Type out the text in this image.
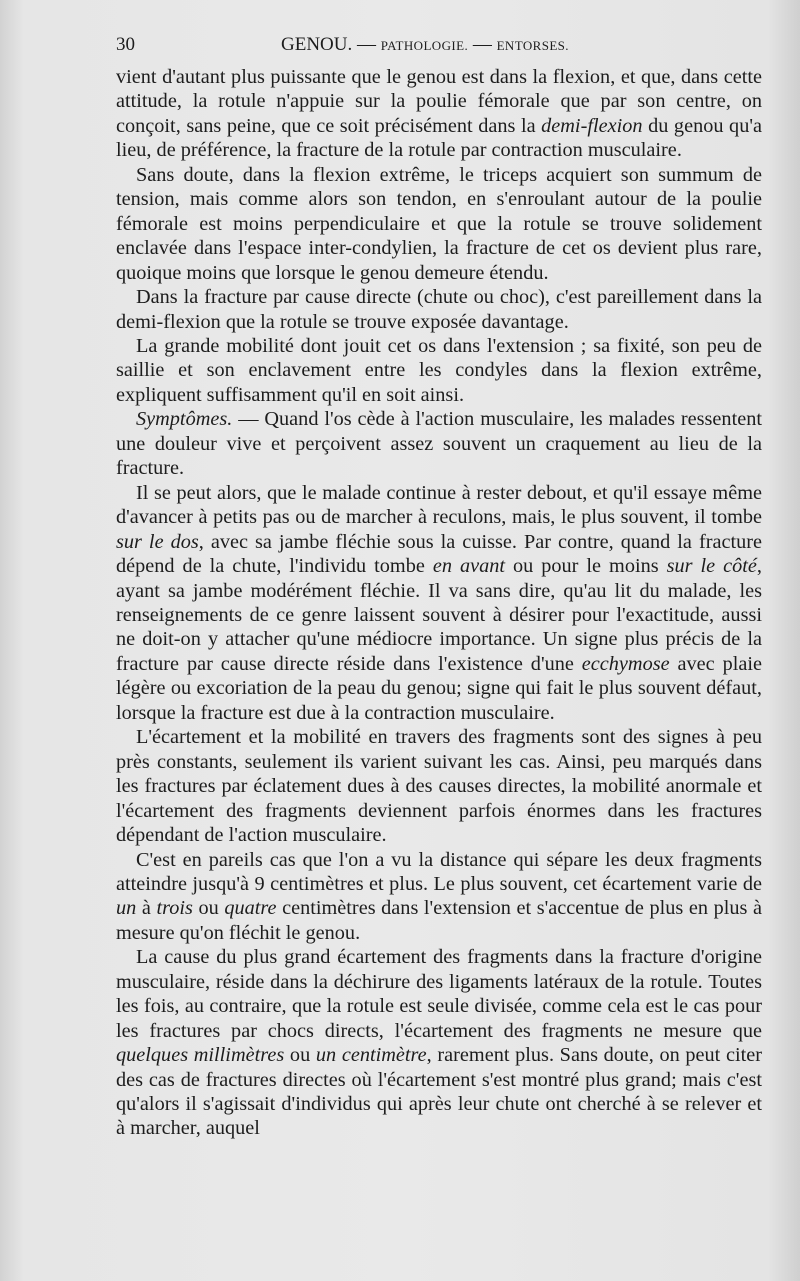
30	GENOU. — PATHOLOGIE. — ENTORSES.

vient d'autant plus puissante que le genou est dans la flexion, et que, dans cette attitude, la rotule n'appuie sur la poulie fémorale que par son centre, on conçoit, sans peine, que ce soit précisément dans la demi-flexion du genou qu'a lieu, de préférence, la fracture de la rotule par contraction musculaire.

Sans doute, dans la flexion extrême, le triceps acquiert son summum de tension, mais comme alors son tendon, en s'enroulant autour de la poulie fémorale est moins perpendiculaire et que la rotule se trouve solidement enclavée dans l'espace inter-condylien, la fracture de cet os devient plus rare, quoique moins que lorsque le genou demeure étendu.

Dans la fracture par cause directe (chute ou choc), c'est pareillement dans la demi-flexion que la rotule se trouve exposée davantage.

La grande mobilité dont jouit cet os dans l'extension ; sa fixité, son peu de saillie et son enclavement entre les condyles dans la flexion extrême, expliquent suffisamment qu'il en soit ainsi.

Symptômes. — Quand l'os cède à l'action musculaire, les malades ressentent une douleur vive et perçoivent assez souvent un craquement au lieu de la fracture.

Il se peut alors, que le malade continue à rester debout, et qu'il essaye même d'avancer à petits pas ou de marcher à reculons, mais, le plus souvent, il tombe sur le dos, avec sa jambe fléchie sous la cuisse. Par contre, quand la fracture dépend de la chute, l'individu tombe en avant ou pour le moins sur le côté, ayant sa jambe modérément fléchie. Il va sans dire, qu'au lit du malade, les renseignements de ce genre laissent souvent à désirer pour l'exactitude, aussi ne doit-on y attacher qu'une médiocre importance. Un signe plus précis de la fracture par cause directe réside dans l'existence d'une ecchymose avec plaie légère ou excoriation de la peau du genou; signe qui fait le plus souvent défaut, lorsque la fracture est due à la contraction musculaire.

L'écartement et la mobilité en travers des fragments sont des signes à peu près constants, seulement ils varient suivant les cas. Ainsi, peu marqués dans les fractures par éclatement dues à des causes directes, la mobilité anormale et l'écartement des fragments deviennent parfois énormes dans les fractures dépendant de l'action musculaire.

C'est en pareils cas que l'on a vu la distance qui sépare les deux fragments atteindre jusqu'à 9 centimètres et plus. Le plus souvent, cet écartement varie de un à trois ou quatre centimètres dans l'extension et s'accentue de plus en plus à mesure qu'on fléchit le genou.

La cause du plus grand écartement des fragments dans la fracture d'origine musculaire, réside dans la déchirure des ligaments latéraux de la rotule. Toutes les fois, au contraire, que la rotule est seule divisée, comme cela est le cas pour les fractures par chocs directs, l'écartement des fragments ne mesure que quelques millimètres ou un centimètre, rarement plus. Sans doute, on peut citer des cas de fractures directes où l'écartement s'est montré plus grand; mais c'est qu'alors il s'agissait d'individus qui après leur chute ont cherché à se relever et à marcher, auquel
